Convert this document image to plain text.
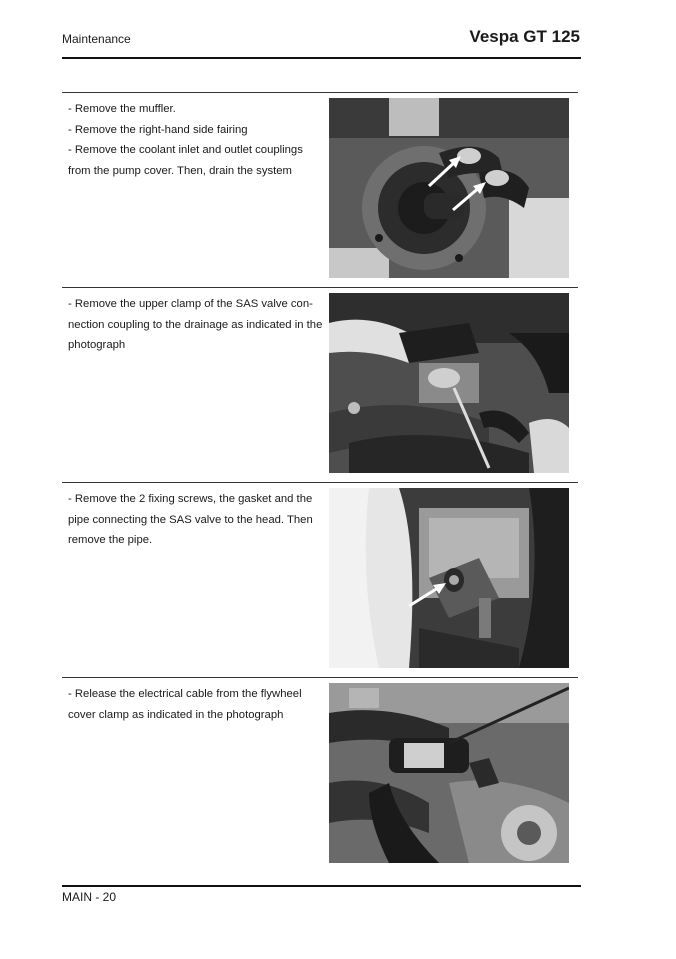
Maintenance	Vespa GT 125
- Remove the muffler.
- Remove the right-hand side fairing
- Remove the coolant inlet and outlet couplings
from the pump cover. Then, drain the system
- Remove the upper clamp of the SAS valve con-
nection coupling to the drainage as indicated in the
photograph
- Remove the 2 fixing screws, the gasket and the
pipe connecting the SAS valve to the head. Then
remove the pipe.
- Release the electrical cable from the flywheel
cover clamp as indicated in the photograph
MAIN - 20
